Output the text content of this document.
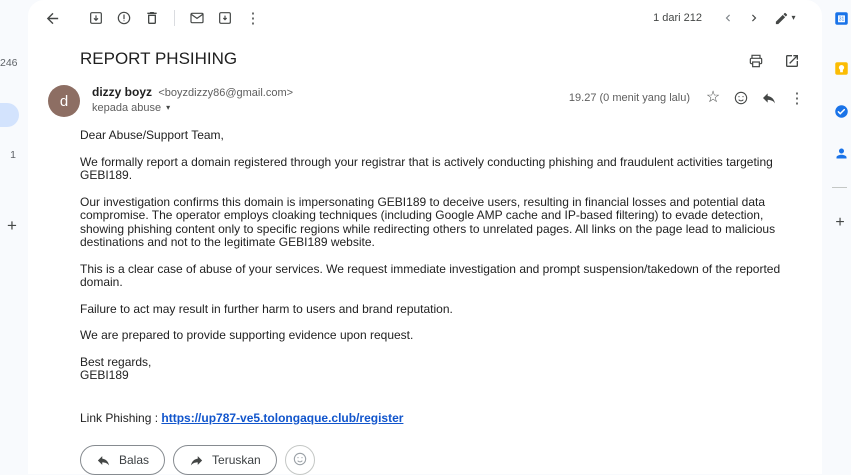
246
1
+
⋮	1 dari 212	▾
REPORT PHSIHING
d
dizzy boyz <boyzdizzy86@gmail.com>
kepada abuse ▾
19.27 (0 menit yang lalu) ☆	⋮

Dear Abuse/Support Team,

We formally report a domain registered through your registrar that is actively conducting phishing and fraudulent activities targeting GEBI189.

Our investigation confirms this domain is impersonating GEBI189 to deceive users, resulting in financial losses and potential data compromise. The operator employs cloaking techniques (including Google AMP cache and IP-based filtering) to evade detection, showing phishing content only to specific regions while redirecting others to unrelated pages. All links on the page lead to malicious destinations and not to the legitimate GEBI189 website.

This is a clear case of abuse of your services. We request immediate investigation and prompt suspension/takedown of the reported domain.

Failure to act may result in further harm to users and brand reputation.

We are prepared to provide supporting evidence upon request.

Best regards,
GEBI189

Link Phishing : https://up787-ve5.tolongaque.club/register

Balas	Teruskan
31
+
